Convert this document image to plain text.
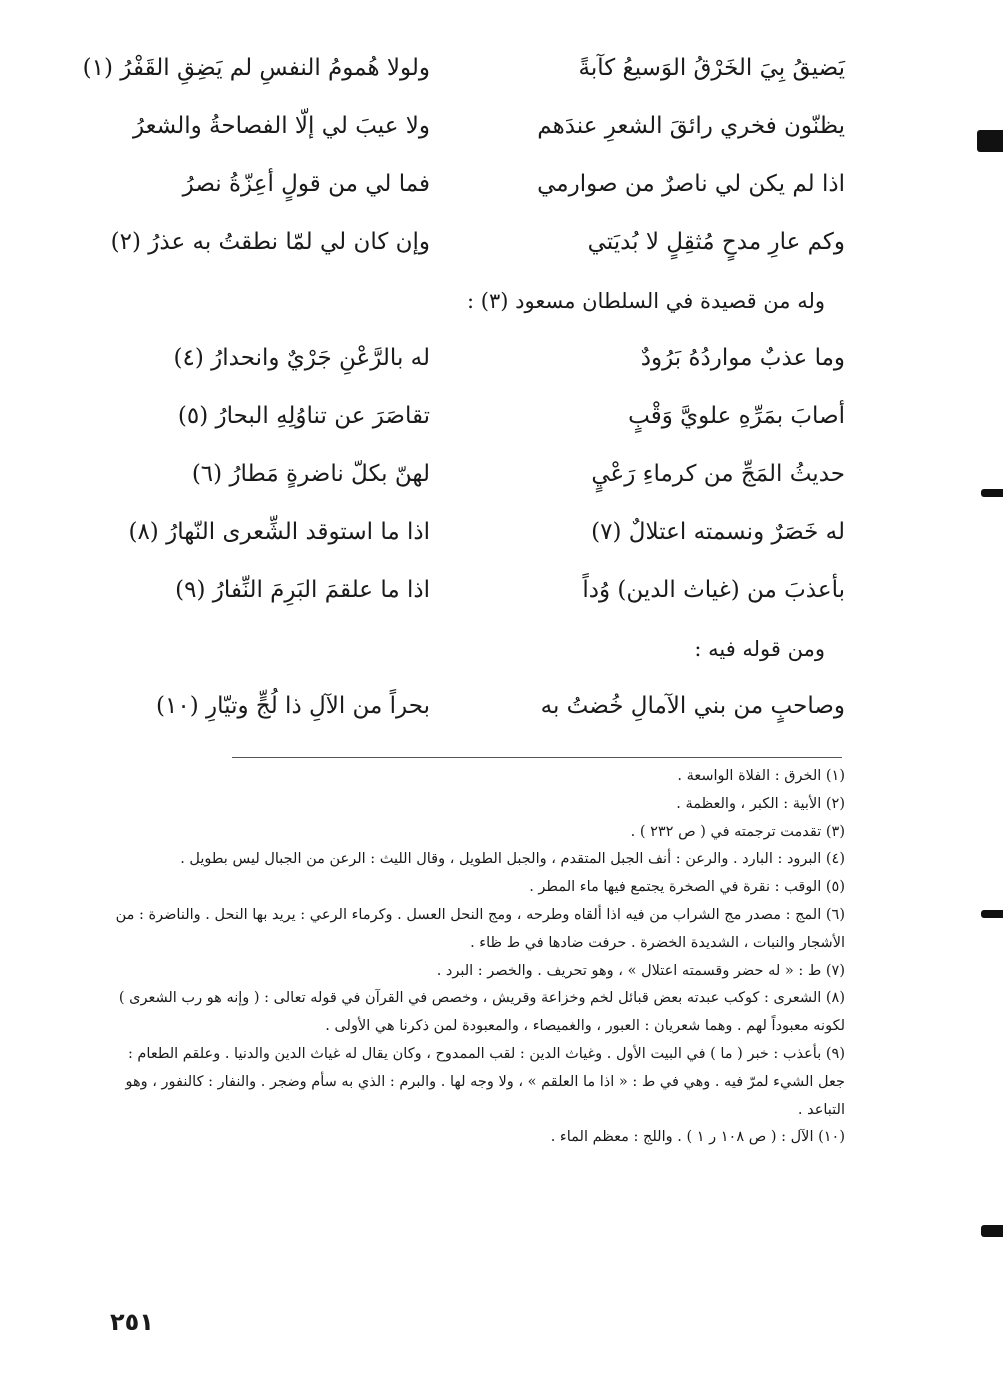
يَضيقُ بِيَ الخَرْقُ الوَسيعُ كآبةً
ولولا هُمومُ النفسِ لم يَضِقِ القَفْرُ (١)
يظنّون فخري رائقَ الشعرِ عندَهم
ولا عيبَ لي إلّا الفصاحةُ والشعرُ
اذا لم يكن لي ناصرٌ من صوارمي
فما لي من قولٍ أعِزّةُ نصرُ
وكم عارِ مدحٍ مُثقِلٍ لا بُديَتي
وإن كان لي لمّا نطقتُ به عذرُ (٢)
وله من قصيدة في السلطان مسعود (٣) :
وما عذبٌ مواردُهُ بَرُودٌ
له بالرَّعْنِ جَرْيٌ وانحدارُ (٤)
أصابَ بمَرِّهِ علويَّ وَقْبٍ
تقاصَرَ عن تناوُلِهِ البحارُ (٥)
حديثُ المَجِّ من كرماءِ رَعْيٍ
لهنّ بكلّ ناضرةٍ مَطارُ (٦)
له خَصَرٌ ونسمته اعتلالٌ (٧)
اذا ما استوقد الشِّعرى النّهارُ (٨)
بأعذبَ من (غياث الدين) وُداً
اذا ما علقمَ البَرِمَ النِّفارُ (٩)
ومن قوله فيه :
وصاحبٍ من بني الآمالِ خُضتُ به
بحراً من الآلِ ذا لُجٍّ وتيّارِ (١٠)

(١) الخرق : الفلاة الواسعة .

(٢) الأبية : الكبر ، والعظمة .

(٣) تقدمت ترجمته في ( ص ٢٣٢ ) .

(٤) البرود : البارد . والرعن : أنف الجبل المتقدم ، والجبل الطويل ، وقال الليث : الرعن من الجبال ليس بطويل .

(٥) الوقب : نقرة في الصخرة يجتمع فيها ماء المطر .

(٦) المج : مصدر مج الشراب من فيه اذا ألقاه وطرحه ، ومج النحل العسل . وكرماء الرعي : يريد بها النحل . والناضرة : من الأشجار والنبات ، الشديدة الخضرة . حرفت ضادها في ط ظاء .

(٧) ط : « له حضر وقسمته اعتلال » ، وهو تحريف . والخصر : البرد .

(٨) الشعرى : كوكب عبدته بعض قبائل لخم وخزاعة وقريش ، وخصص في القرآن في قوله تعالى : ( وإنه هو رب الشعرى ) لكونه معبوداً لهم . وهما شعريان : العبور ، والغميصاء ، والمعبودة لمن ذكرنا هي الأولى .

(٩) بأعذب : خبر ( ما ) في البيت الأول . وغياث الدين : لقب الممدوح ، وكان يقال له غياث الدين والدنيا . وعلقم الطعام : جعل الشيء لمرّ فيه . وهي في ط : « اذا ما العلقم » ، ولا وجه لها . والبرم : الذي به سأم وضجر . والنفار : كالنفور ، وهو التباعد .

(١٠) الآل : ( ص ١٠٨ ر ١ ) . واللج : معظم الماء .

٢٥١
